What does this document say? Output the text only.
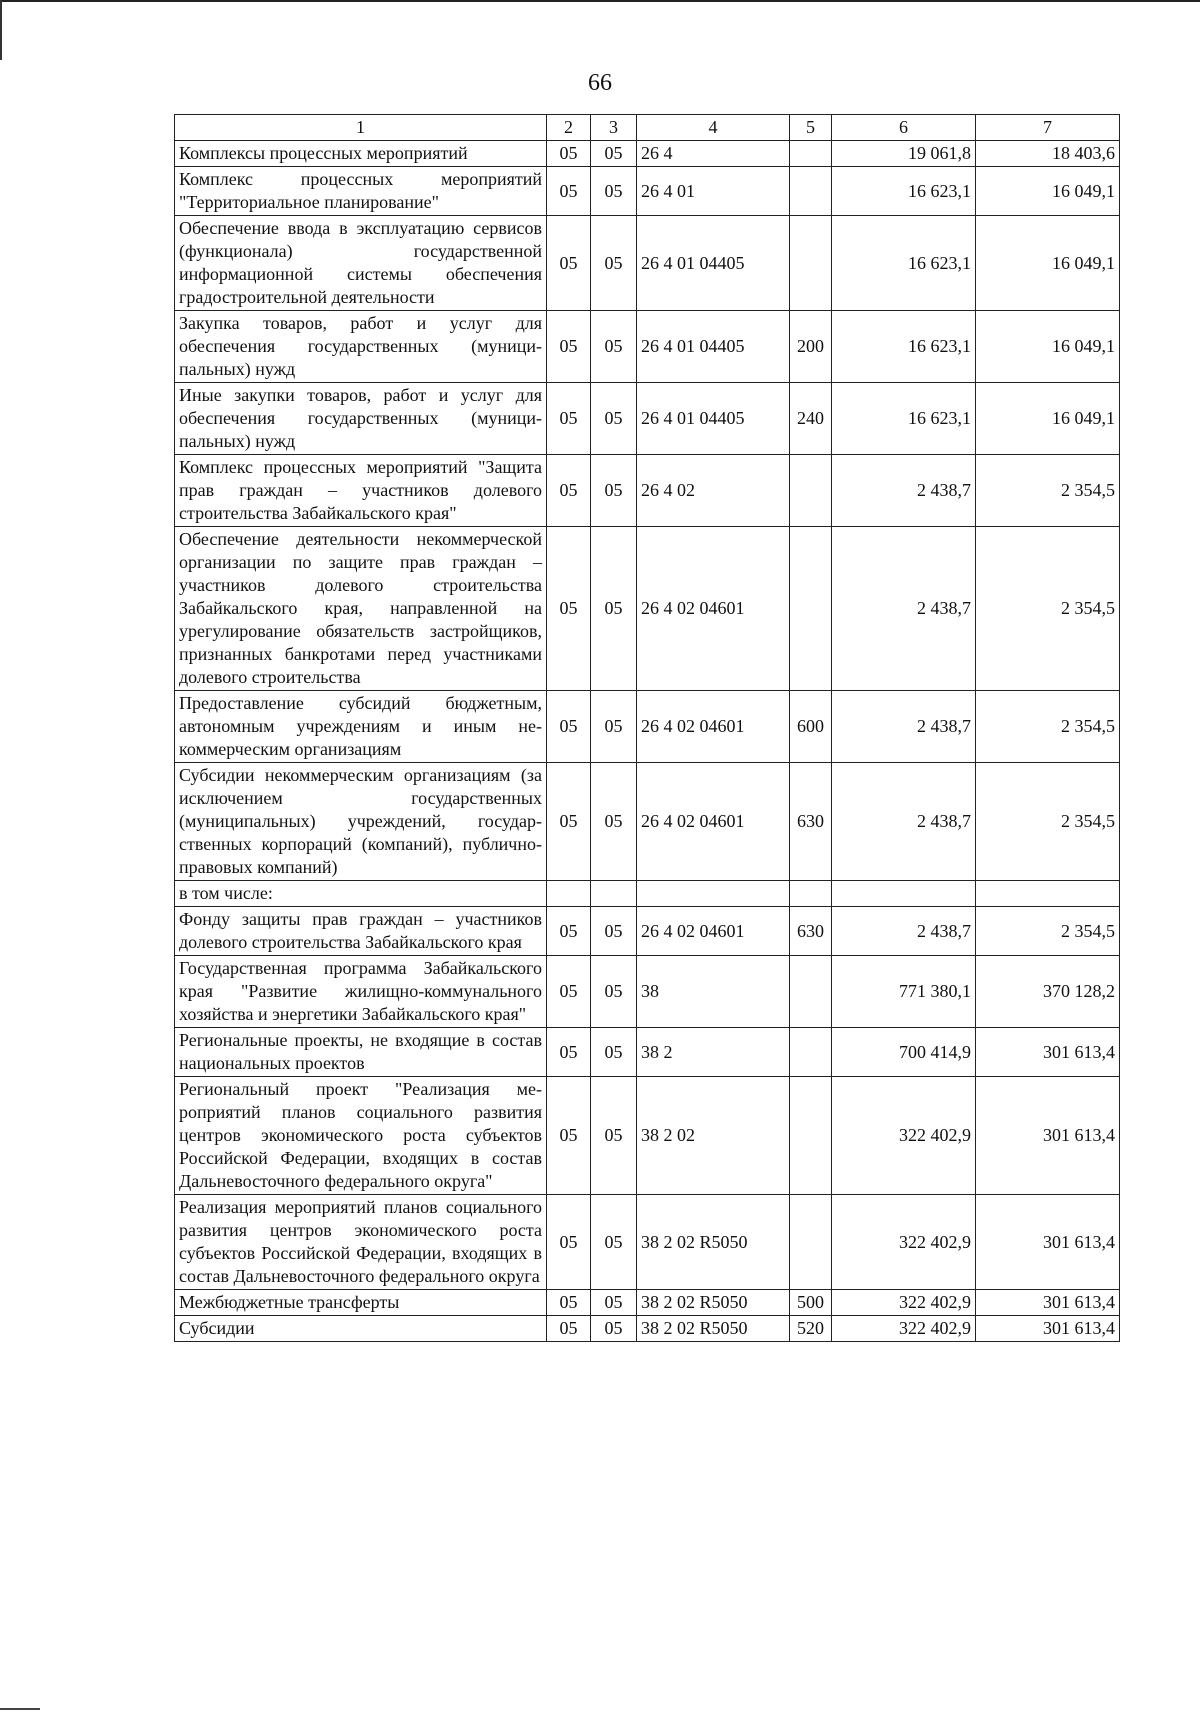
66
1	2	3	4	5	6	7
Комплексы процессных мероприятий	05	05	26 4		19 061,8	18 403,6
Комплекс процессных мероприятий "Территориальное планирование"	05	05	26 4 01		16 623,1	16 049,1
Обеспечение ввода в эксплуатацию сервисов (функционала) государственной информационной системы обеспечения градостроительной деятельности	05	05	26 4 01 04405		16 623,1	16 049,1
Закупка товаров, работ и услуг для обеспечения государственных (муниципальных) нужд	05	05	26 4 01 04405	200	16 623,1	16 049,1
Иные закупки товаров, работ и услуг для обеспечения государственных (муниципальных) нужд	05	05	26 4 01 04405	240	16 623,1	16 049,1
Комплекс процессных мероприятий "Защита прав граждан – участников долевого строительства Забайкальского края"	05	05	26 4 02		2 438,7	2 354,5
Обеспечение деятельности некоммерческой организации по защите прав граждан – участников долевого строительства Забайкальского края, направленной на урегулирование обязательств застройщиков, признанных банкротами перед участниками долевого строительства	05	05	26 4 02 04601		2 438,7	2 354,5
Предоставление субсидий бюджетным, автономным учреждениям и иным некоммерческим организациям	05	05	26 4 02 04601	600	2 438,7	2 354,5
Субсидии некоммерческим организациям (за исключением государственных (муниципальных) учреждений, государственных корпораций (компаний), публично-правовых компаний)	05	05	26 4 02 04601	630	2 438,7	2 354,5
в том числе:						
Фонду защиты прав граждан – участников долевого строительства Забайкальского края	05	05	26 4 02 04601	630	2 438,7	2 354,5
Государственная программа Забайкальского края "Развитие жилищно-коммунального хозяйства и энергетики Забайкальского края"	05	05	38		771 380,1	370 128,2
Региональные проекты, не входящие в состав национальных проектов	05	05	38 2		700 414,9	301 613,4
Региональный проект "Реализация мероприятий планов социального развития центров экономического роста субъектов Российской Федерации, входящих в состав Дальневосточного федерального округа"	05	05	38 2 02		322 402,9	301 613,4
Реализация мероприятий планов социального развития центров экономического роста субъектов Российской Федерации, входящих в состав Дальневосточного федерального округа	05	05	38 2 02 R5050		322 402,9	301 613,4
Межбюджетные трансферты	05	05	38 2 02 R5050	500	322 402,9	301 613,4
Субсидии	05	05	38 2 02 R5050	520	322 402,9	301 613,4
